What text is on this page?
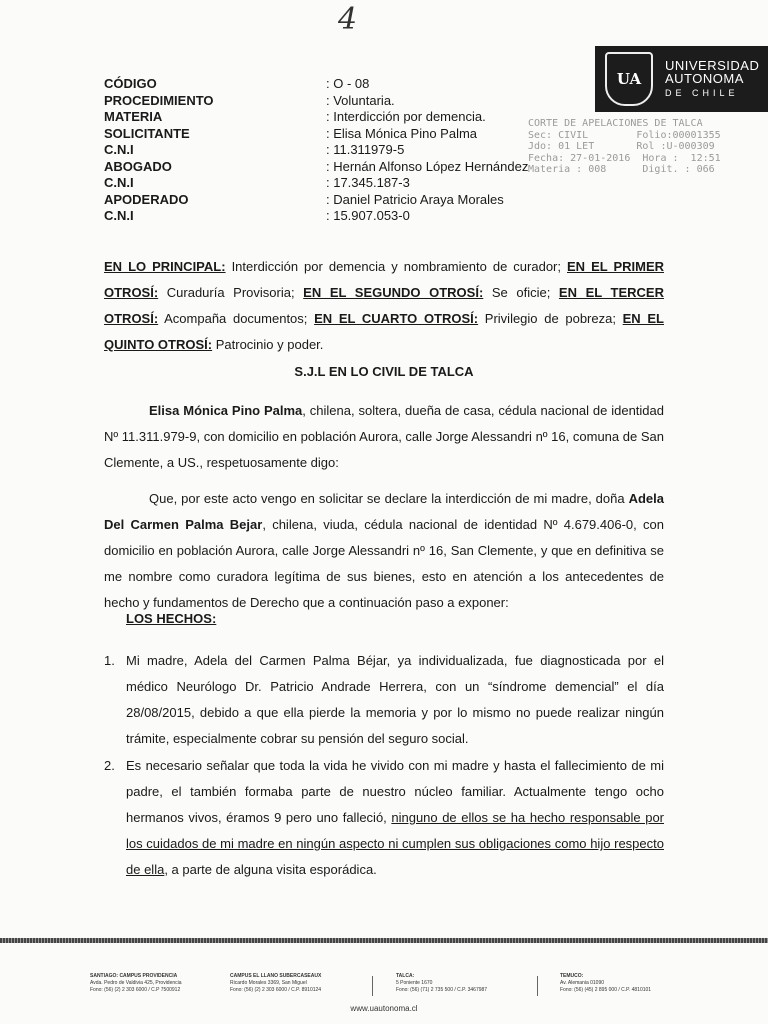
4
UA
UNIVERSIDAD
AUTONOMA
DE CHILE
CÓDIGO	: O - 08
PROCEDIMIENTO	: Voluntaria.
MATERIA	: Interdicción por demencia.
SOLICITANTE	: Elisa Mónica Pino Palma
C.N.I	: 11.311979-5
ABOGADO	: Hernán Alfonso López Hernández
C.N.I	: 17.345.187-3
APODERADO	: Daniel Patricio Araya Morales
C.N.I	: 15.907.053-0
CORTE DE APELACIONES DE TALCA
Sec: CIVIL        Folio:00001355
Jdo: 01 LET       Rol :U-000309
Fecha: 27-01-2016  Hora :  12:51
Materia : 008      Digit. : 066
EN LO PRINCIPAL: Interdicción por demencia y nombramiento de curador; EN EL PRIMER OTROSÍ: Curaduría Provisoria; EN EL SEGUNDO OTROSÍ: Se oficie; EN EL TERCER OTROSÍ: Acompaña documentos; EN EL CUARTO OTROSÍ: Privilegio de pobreza; EN EL QUINTO OTROSÍ: Patrocinio y poder.
S.J.L EN LO CIVIL DE TALCA
Elisa Mónica Pino Palma, chilena, soltera, dueña de casa, cédula nacional de identidad Nº 11.311.979-9, con domicilio en población Aurora, calle Jorge Alessandri nº 16, comuna de San Clemente, a US., respetuosamente digo:
Que, por este acto vengo en solicitar se declare la interdicción de mi madre, doña Adela Del Carmen Palma Bejar, chilena, viuda, cédula nacional de identidad Nº 4.679.406-0, con domicilio en población Aurora, calle Jorge Alessandri nº 16, San Clemente, y que en definitiva se me nombre como curadora legítima de sus bienes, esto en atención a los antecedentes de hecho y fundamentos de Derecho que a continuación paso a exponer:
LOS HECHOS:
1. Mi madre, Adela del Carmen Palma Béjar, ya individualizada, fue diagnosticada por el médico Neurólogo Dr. Patricio Andrade Herrera, con un “síndrome demencial” el día 28/08/2015, debido a que ella pierde la memoria y por lo mismo no puede realizar ningún trámite, especialmente cobrar su pensión del seguro social.
2. Es necesario señalar que toda la vida he vivido con mi madre y hasta el fallecimiento de mi padre, el también formaba parte de nuestro núcleo familiar. Actualmente tengo ocho hermanos vivos, éramos 9 pero uno falleció, ninguno de ellos se ha hecho responsable por los cuidados de mi madre en ningún aspecto ni cumplen sus obligaciones como hijo respecto de ella, a parte de alguna visita esporádica.
SANTIAGO: CAMPUS PROVIDENCIA
Avda. Pedro de Valdivia 425, Providencia
Fono: (56) (2) 2 303 6000 / C.P 7500912
CAMPUS EL LLANO SUBERCASEAUX
Ricardo Morales 3369, San Miguel
Fono: (56) (2) 2 303 6000 / C.P. 8910124
TALCA:
5 Poniente 1670
Fono: (56) (71) 2 735 500 / C.P. 3467987
TEMUCO:
Av. Alemania 01090
Fono: (56) (45) 2 895 000 / C.P. 4810101
www.uautonoma.cl
